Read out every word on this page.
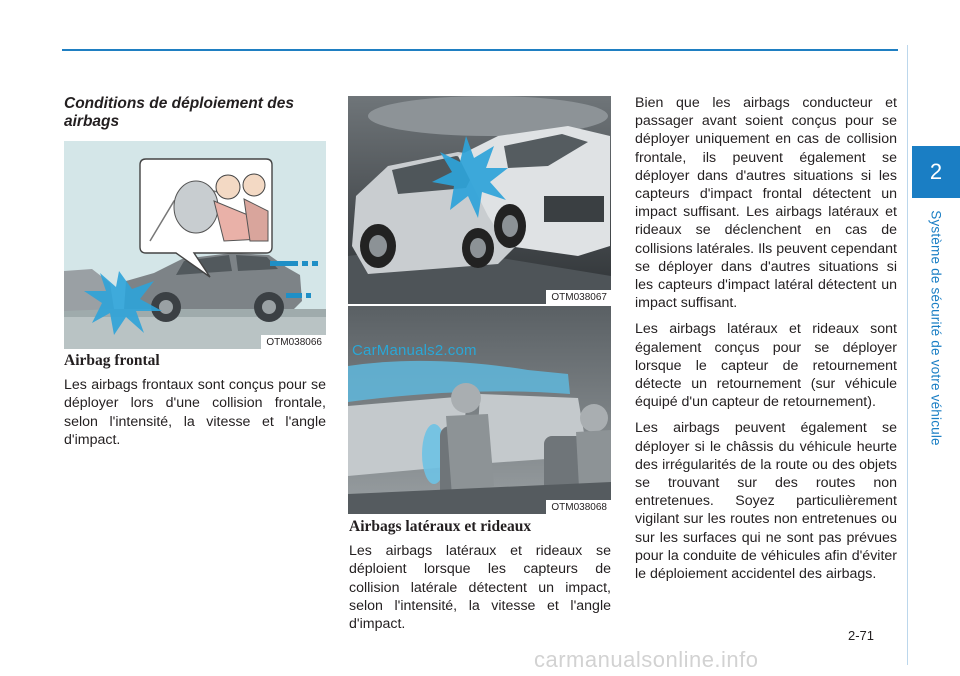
2
Système de sécurité de votre véhicule
Conditions de déploiement des airbags
OTM038066
OTM038067
OTM038068
CarManuals2.com
Airbag frontal

Les airbags frontaux sont conçus pour se déployer lors d'une collision frontale, selon l'intensité, la vitesse et l'angle d'impact.

Airbags latéraux et rideaux

Les airbags latéraux et rideaux se déploient lorsque les capteurs de collision latérale détectent un impact, selon l'intensité, la vitesse et l'angle d'impact.

Bien que les airbags conducteur et passager avant soient conçus pour se déployer uniquement en cas de collision frontale, ils peuvent également se déployer dans d'autres situations si les capteurs d'impact frontal détectent un impact suffisant. Les airbags latéraux et rideaux se déclenchent en cas de collisions latérales. Ils peuvent cependant se déployer dans d'autres situations si les capteurs d'impact latéral détectent un impact suffisant.

Les airbags latéraux et rideaux sont également conçus pour se déployer lorsque le capteur de retournement détecte un retournement (sur véhicule équipé d'un capteur de retournement).

Les airbags peuvent également se déployer si le châssis du véhicule heurte des irrégularités de la route ou des objets se trouvant sur des routes non entretenues. Soyez particulièrement vigilant sur les routes non entretenues ou sur les surfaces qui ne sont pas prévues pour la conduite de véhicules afin d'éviter le déploiement accidentel des airbags.

2-71
carmanualsonline.info
